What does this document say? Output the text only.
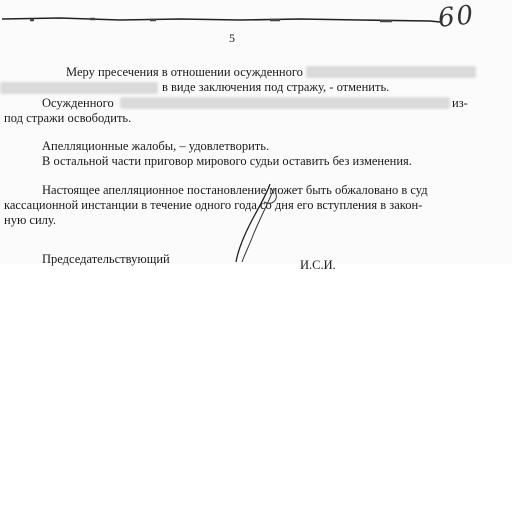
60
5
Меру пресечения в отношении осужденного
в виде заключения под стражу, - отменить.
Осужденного	из-
под стражи освободить.
Апелляционные жалобы, – удовлетворить.
В остальной части приговор мирового судьи оставить без изменения.
Настоящее апелляционное постановление может быть обжаловано в суд
кассационной инстанции в течение одного года со дня его вступления в закон-
ную силу.
Председательствующий	И.С.И.
